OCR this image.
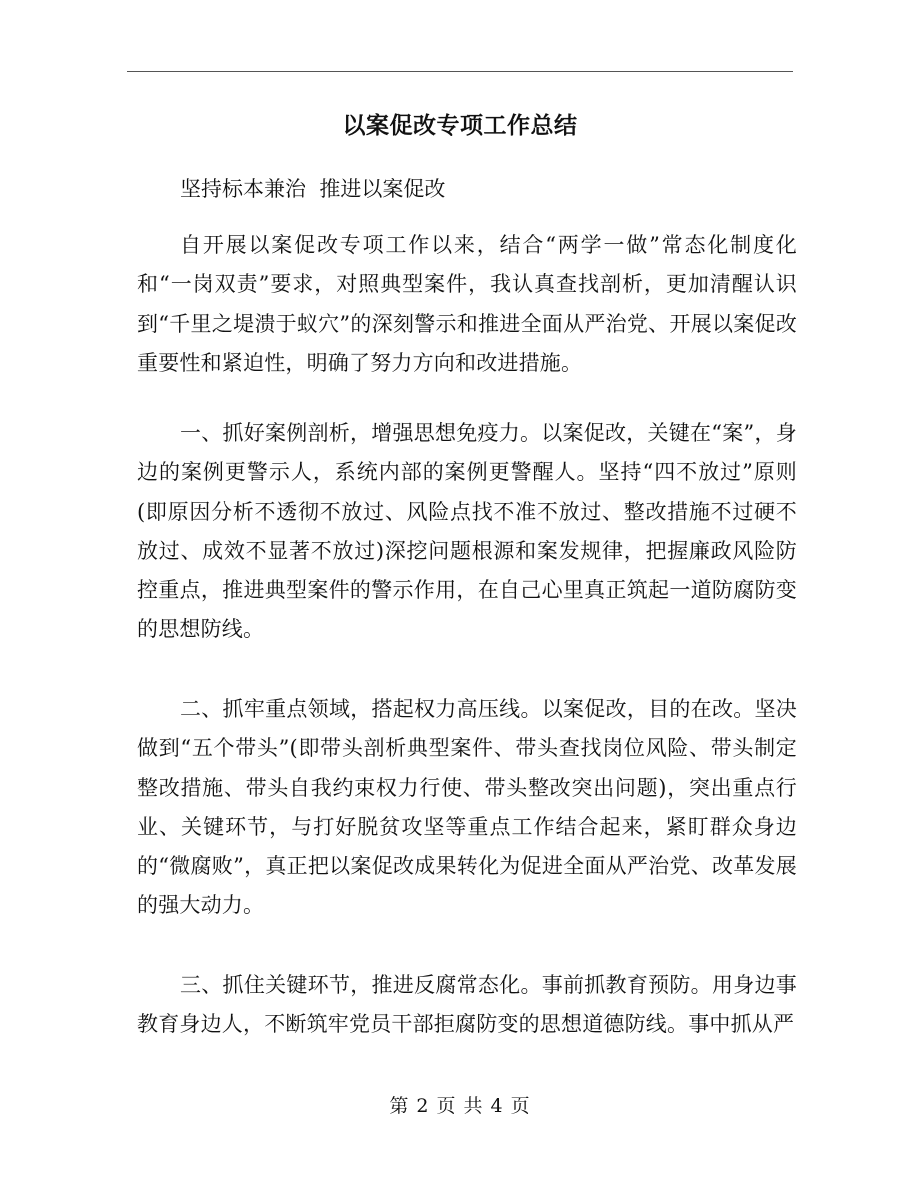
以案促改专项工作总结
坚持标本兼治  推进以案促改

自开展以案促改专项工作以来，结合“两学一做”常态化制度化和“一岗双责”要求，对照典型案件，我认真查找剖析，更加清醒认识到“千里之堤溃于蚁穴”的深刻警示和推进全面从严治党、开展以案促改重要性和紧迫性，明确了努力方向和改进措施。

一、抓好案例剖析，增强思想免疫力。以案促改，关键在“案”，身边的案例更警示人，系统内部的案例更警醒人。坚持“四不放过”原则(即原因分析不透彻不放过、风险点找不准不放过、整改措施不过硬不放过、成效不显著不放过)深挖问题根源和案发规律，把握廉政风险防控重点，推进典型案件的警示作用，在自己心里真正筑起一道防腐防变的思想防线。

二、抓牢重点领域，搭起权力高压线。以案促改，目的在改。坚决做到“五个带头”(即带头剖析典型案件、带头查找岗位风险、带头制定整改措施、带头自我约束权力行使、带头整改突出问题)，突出重点行业、关键环节，与打好脱贫攻坚等重点工作结合起来，紧盯群众身边的“微腐败”，真正把以案促改成果转化为促进全面从严治党、改革发展的强大动力。

三、抓住关键环节，推进反腐常态化。事前抓教育预防。用身边事教育身边人，不断筑牢党员干部拒腐防变的思想道德防线。事中抓从严

第 2 页 共 4 页
